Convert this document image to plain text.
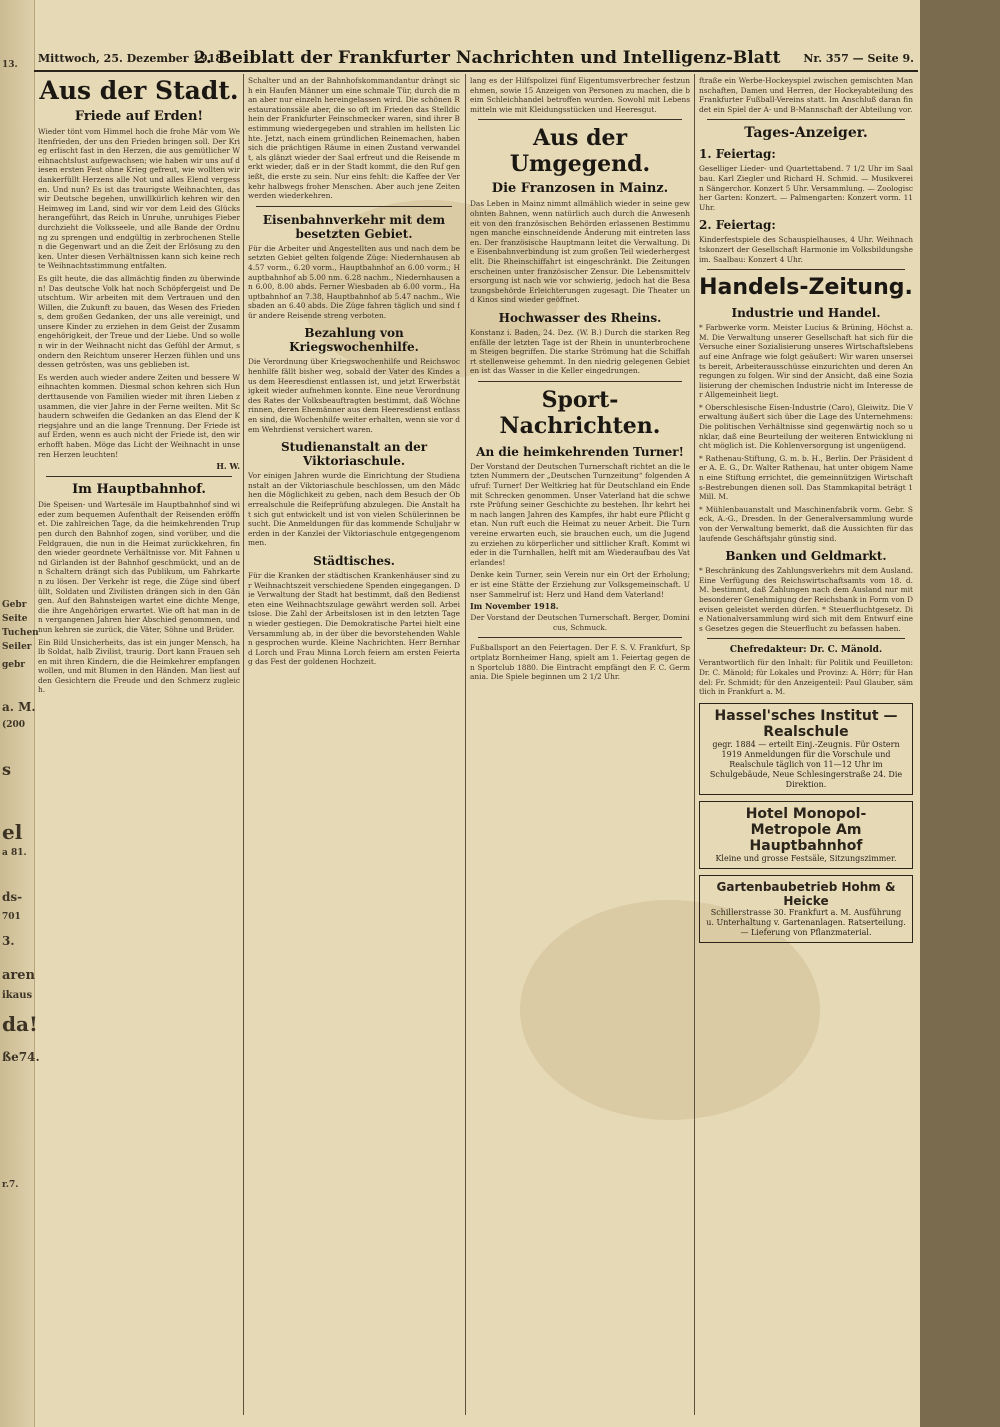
13.
Gebr
Seite
Tuchen
Seiler
gebr
a. M.
(200
s
el
a 81.
ds-
701
3.
aren
ikaus
da!
ße74.
r.7.
Mittwoch, 25. Dezember 1918.
2. Beiblatt der Frankfurter Nachrichten und Intelligenz-Blatt Nr. 357 — Seite 9.
Aus der Stadt.
Friede auf Erden!
Wieder tönt vom Himmel hoch die frohe Mär vom Weltenfrieden, der uns den Frieden bringen soll. Der Krieg erlischt fast in den Herzen, die aus gemütlicher Weihnachtslust aufgewachsen; wie haben wir uns auf diesen ersten Fest ohne Krieg gefreut, wie wollten wir dankerfüllt Herzens alle Not und alles Elend vergessen. Und nun? Es ist das traurigste Weihnachten, das wir Deutsche begehen, unwillkürlich kehren wir den Heimweg im Land, sind wir vor dem Leid des Glücks herangeführt, das Reich in Unruhe, unruhiges Fieber durchzieht die Volksseele, und alle Bande der Ordnung zu sprengen und endgültig in zerbrochenen Stellen die Gegenwart und an die Zeit der Erlösung zu denken. Unter diesen Verhältnissen kann sich keine rechte Weihnachtsstimmung entfalten.
Es gilt heute, die das allmächtig finden zu überwinden! Das deutsche Volk hat noch Schöpfergeist und Deutschtum. Wir arbeiten mit dem Vertrauen und den Willen, die Zukunft zu bauen, das Wesen des Friedens, dem großen Gedanken, der uns alle vereinigt, und unsere Kinder zu erziehen in dem Geist der Zusammengehörigkeit, der Treue und der Liebe. Und so wollen wir in der Weihnacht nicht das Gefühl der Armut, sondern den Reichtum unserer Herzen fühlen und uns dessen getrösten, was uns geblieben ist.
Es werden auch wieder andere Zeiten und bessere Weihnachten kommen. Diesmal schon kehren sich Hunderttausende von Familien wieder mit ihren Lieben zusammen, die vier Jahre in der Ferne weilten. Mit Schaudern schweifen die Gedanken an das Elend der Kriegsjahre und an die lange Trennung. Der Friede ist auf Erden, wenn es auch nicht der Friede ist, den wir erhofft haben. Möge das Licht der Weihnacht in unseren Herzen leuchten!
H. W.
Im Hauptbahnhof.
Die Speisen- und Wartesäle im Hauptbahnhof sind wieder zum bequemen Aufenthalt der Reisenden eröffnet. Die zahlreichen Tage, da die heimkehrenden Truppen durch den Bahnhof zogen, sind vorüber, und die Feldgrauen, die nun in die Heimat zurückkehren, finden wieder geordnete Verhältnisse vor. Mit Fahnen und Girlanden ist der Bahnhof geschmückt, und an den Schaltern drängt sich das Publikum, um Fahrkarten zu lösen. Der Verkehr ist rege, die Züge sind überfüllt, Soldaten und Zivilisten drängen sich in den Gängen. Auf den Bahnsteigen wartet eine dichte Menge, die ihre Angehörigen erwartet. Wie oft hat man in den vergangenen Jahren hier Abschied genommen, und nun kehren sie zurück, die Väter, Söhne und Brüder.
Ein Bild Unsicherheits, das ist ein junger Mensch, halb Soldat, halb Zivilist, traurig. Dort kann Frauen sehen mit ihren Kindern, die die Heimkehrer empfangen wollen, und mit Blumen in den Händen. Man liest auf den Gesichtern die Freude und den Schmerz zugleich.
Schalter und an der Bahnhofskommandantur drängt sich ein Haufen Männer um eine schmale Tür, durch die man aber nur einzeln hereingelassen wird. Die schönen Restaurationssäle aber, die so oft im Frieden das Stelldichein der Frankfurter Feinschmecker waren, sind ihrer Bestimmung wiedergegeben und strahlen im hellsten Lichte. Jetzt, nach einem gründlichen Reinemachen, haben sich die prächtigen Räume in einen Zustand verwandelt, als glänzt wieder der Saal erfreut und die Reisende merkt wieder, daß er in der Stadt kommt, die den Ruf genießt, die erste zu sein. Nur eins fehlt: die Kaffee der Verkehr halbwegs froher Menschen. Aber auch jene Zeiten werden wiederkehren.
Eisenbahnverkehr mit dem besetzten Gebiet.
Für die Arbeiter und Angestellten aus und nach dem besetzten Gebiet gelten folgende Züge: Niedernhausen ab 4.57 vorm., 6.20 vorm., Hauptbahnhof an 6.00 vorm.; Hauptbahnhof ab 5.00 nm. 6.28 nachm., Niedernhausen an 6.00, 8.00 abds. Ferner Wiesbaden ab 6.00 vorm., Hauptbahnhof an 7.38, Hauptbahnhof ab 5.47 nachm., Wiesbaden an 6.40 abds. Die Züge fahren täglich und sind für andere Reisende streng verboten.
Bezahlung von Kriegswochenhilfe.
Die Verordnung über Kriegswochenhilfe und Reichswochenhilfe fällt bisher weg, sobald der Vater des Kindes aus dem Heeresdienst entlassen ist, und jetzt Erwerbstätigkeit wieder aufnehmen konnte. Eine neue Verordnung des Rates der Volksbeauftragten bestimmt, daß Wöchnerinnen, deren Ehemänner aus dem Heeresdienst entlassen sind, die Wochenhilfe weiter erhalten, wenn sie vor dem Wehrdienst versichert waren.
Studienanstalt an der Viktoriaschule.
Vor einigen Jahren wurde die Einrichtung der Studienanstalt an der Viktoriaschule beschlossen, um den Mädchen die Möglichkeit zu geben, nach dem Besuch der Oberrealschule die Reifeprüfung abzulegen. Die Anstalt hat sich gut entwickelt und ist von vielen Schülerinnen besucht. Die Anmeldungen für das kommende Schuljahr werden in der Kanzlei der Viktoriaschule entgegengenommen.
Städtisches.
Für die Kranken der städtischen Krankenhäuser sind zur Weihnachtszeit verschiedene Spenden eingegangen. Die Verwaltung der Stadt hat bestimmt, daß den Bediensteten eine Weihnachtszulage gewährt werden soll. Arbeitslose. Die Zahl der Arbeitslosen ist in den letzten Tagen wieder gestiegen. Die Demokratische Partei hielt eine Versammlung ab, in der über die bevorstehenden Wahlen gesprochen wurde. Kleine Nachrichten. Herr Bernhard Lorch und Frau Minna Lorch feiern am ersten Feiertag das Fest der goldenen Hochzeit.
lang es der Hilfspolizei fünf Eigentumsverbrecher festzunehmen, sowie 15 Anzeigen von Personen zu machen, die beim Schleichhandel betroffen wurden. Sowohl mit Lebensmitteln wie mit Kleidungsstücken und Heeresgut.
Aus der Umgegend.
Die Franzosen in Mainz.
Das Leben in Mainz nimmt allmählich wieder in seine gewohnten Bahnen, wenn natürlich auch durch die Anwesenheit von den französischen Behörden erlassenen Bestimmungen manche einschneidende Änderung mit eintreten lassen. Der französische Hauptmann leitet die Verwaltung. Die Eisenbahnverbindung ist zum großen Teil wiederhergestellt. Die Rheinschiffahrt ist eingeschränkt. Die Zeitungen erscheinen unter französischer Zensur. Die Lebensmittelversorgung ist nach wie vor schwierig, jedoch hat die Besatzungsbehörde Erleichterungen zugesagt. Die Theater und Kinos sind wieder geöffnet.
Hochwasser des Rheins.
Konstanz i. Baden, 24. Dez. (W. B.) Durch die starken Regenfälle der letzten Tage ist der Rhein in ununterbrochenem Steigen begriffen. Die starke Strömung hat die Schiffahrt stellenweise gehemmt. In den niedrig gelegenen Gebieten ist das Wasser in die Keller eingedrungen.
Sport-Nachrichten.
An die heimkehrenden Turner!
Der Vorstand der Deutschen Turnerschaft richtet an die letzten Nummern der „Deutschen Turnzeitung“ folgenden Aufruf: Turner! Der Weltkrieg hat für Deutschland ein Ende mit Schrecken genommen. Unser Vaterland hat die schwerste Prüfung seiner Geschichte zu bestehen. Ihr kehrt heim nach langen Jahren des Kampfes, ihr habt eure Pflicht getan. Nun ruft euch die Heimat zu neuer Arbeit. Die Turnvereine erwarten euch, sie brauchen euch, um die Jugend zu erziehen zu körperlicher und sittlicher Kraft. Kommt wieder in die Turnhallen, helft mit am Wiederaufbau des Vaterlandes!
Denke kein Turner, sein Verein nur ein Ort der Erholung; er ist eine Stätte der Erziehung zur Volksgemeinschaft. Unser Sammelruf ist: Herz und Hand dem Vaterland!
Im November 1918.
Der Vorstand der Deutschen Turnerschaft. Berger, Dominicus, Schmuck.
Fußballsport an den Feiertagen. Der F. S. V. Frankfurt, Sportplatz Bornheimer Hang, spielt am 1. Feiertag gegen den Sportclub 1880. Die Eintracht empfängt den F. C. Germania. Die Spiele beginnen um 2 1/2 Uhr.
ftraße ein Werbe-Hockeyspiel zwischen gemischten Mannschaften, Damen und Herren, der Hockeyabteilung des Frankfurter Fußball-Vereins statt. Im Anschluß daran findet ein Spiel der A- und B-Mannschaft der Abteilung vor.
Tages-Anzeiger.
1. Feiertag:
Geselliger Lieder- und Quartettabend. 7 1/2 Uhr im Saalbau. Karl Ziegler und Richard H. Schmid. — Musikverein Sängerchor. Konzert 5 Uhr. Versammlung. — Zoologischer Garten: Konzert. — Palmengarten: Konzert vorm. 11 Uhr.
2. Feiertag:
Kinderfestspiele des Schauspielhauses, 4 Uhr. Weihnachtskonzert der Gesellschaft Harmonie im Volksbildungsheim. Saalbau: Konzert 4 Uhr.
Handels-Zeitung.
Industrie und Handel.
* Farbwerke vorm. Meister Lucius & Brüning, Höchst a. M. Die Verwaltung unserer Gesellschaft hat sich für die Versuche einer Sozialisierung unseres Wirtschaftslebens auf eine Anfrage wie folgt geäußert: Wir waren unserseits bereit, Arbeiterausschüsse einzurichten und deren Anregungen zu folgen. Wir sind der Ansicht, daß eine Sozialisierung der chemischen Industrie nicht im Interesse der Allgemeinheit liegt.
* Oberschlesische Eisen-Industrie (Caro), Gleiwitz. Die Verwaltung äußert sich über die Lage des Unternehmens: Die politischen Verhältnisse sind gegenwärtig noch so unklar, daß eine Beurteilung der weiteren Entwicklung nicht möglich ist. Die Kohlenversorgung ist ungenügend.
* Rathenau-Stiftung, G. m. b. H., Berlin. Der Präsident der A. E. G., Dr. Walter Rathenau, hat unter obigem Namen eine Stiftung errichtet, die gemeinnützigen Wirtschafts-Bestrebungen dienen soll. Das Stammkapital beträgt 1 Mill. M.
* Mühlenbauanstalt und Maschinenfabrik vorm. Gebr. Seck, A.-G., Dresden. In der Generalversammlung wurde von der Verwaltung bemerkt, daß die Aussichten für das laufende Geschäftsjahr günstig sind.
Banken und Geldmarkt.
* Beschränkung des Zahlungsverkehrs mit dem Ausland. Eine Verfügung des Reichswirtschaftsamts vom 18. d. M. bestimmt, daß Zahlungen nach dem Ausland nur mit besonderer Genehmigung der Reichsbank in Form von Devisen geleistet werden dürfen. * Steuerfluchtgesetz. Die Nationalversammlung wird sich mit dem Entwurf eines Gesetzes gegen die Steuerflucht zu befassen haben.
Chefredakteur: Dr. C. Mänold.
Verantwortlich für den Inhalt: für Politik und Feuilleton: Dr. C. Mänold; für Lokales und Provinz: A. Hörr; für Handel: Fr. Schmidt; für den Anzeigenteil: Paul Glauber, sämtlich in Frankfurt a. M.
Hassel'sches Institut — Realschule
gegr. 1884 — erteilt Einj.-Zeugnis. Für Ostern 1919 Anmeldungen für die Vorschule und Realschule täglich von 11—12 Uhr im Schulgebäude, Neue Schlesingerstraße 24. Die Direktion.
Hotel Monopol-Metropole Am Hauptbahnhof
Kleine und grosse Festsäle, Sitzungszimmer.
Gartenbaubetrieb Hohm & Heicke
Schillerstrasse 30. Frankfurt a. M. Ausführung u. Unterhaltung v. Gartenanlagen. Ratserteilung. — Lieferung von Pflanzmaterial.
